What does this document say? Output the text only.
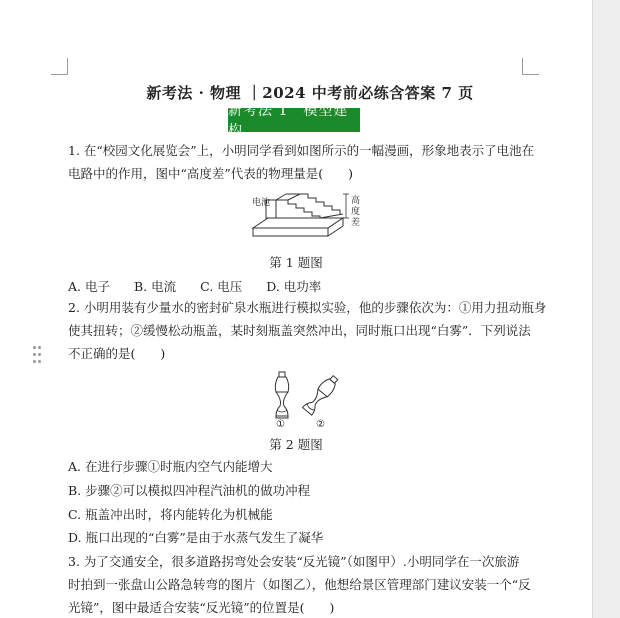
新考法 · 物理 ｜2024 中考前必练含答案 7 页
新考法 1　模型建构
1. 在“校园文化展览会”上，小明同学看到如图所示的一幅漫画，形象地表示了电池在
电路中的作用，图中“高度差”代表的物理量是(　　)
电池	高
度
差
第 1 题图
A. 电子 B. 电流 C. 电压 D. 电功率
2. 小明用装有少量水的密封矿泉水瓶进行模拟实验，他的步骤依次为：①用力扭动瓶身
使其扭转；②缓慢松动瓶盖，某时刻瓶盖突然冲出，同时瓶口出现“白雾”．下列说法
不正确的是(　　)
①	②
第 2 题图
A. 在进行步骤①时瓶内空气内能增大
B. 步骤②可以模拟四冲程汽油机的做功冲程
C. 瓶盖冲出时，将内能转化为机械能
D. 瓶口出现的“白雾”是由于水蒸气发生了凝华
3. 为了交通安全，很多道路拐弯处会安装“反光镜”（如图甲）.小明同学在一次旅游
时拍到一张盘山公路急转弯的图片（如图乙），他想给景区管理部门建议安装一个“反
光镜”，图中最适合安装“反光镜”的位置是(　　)
